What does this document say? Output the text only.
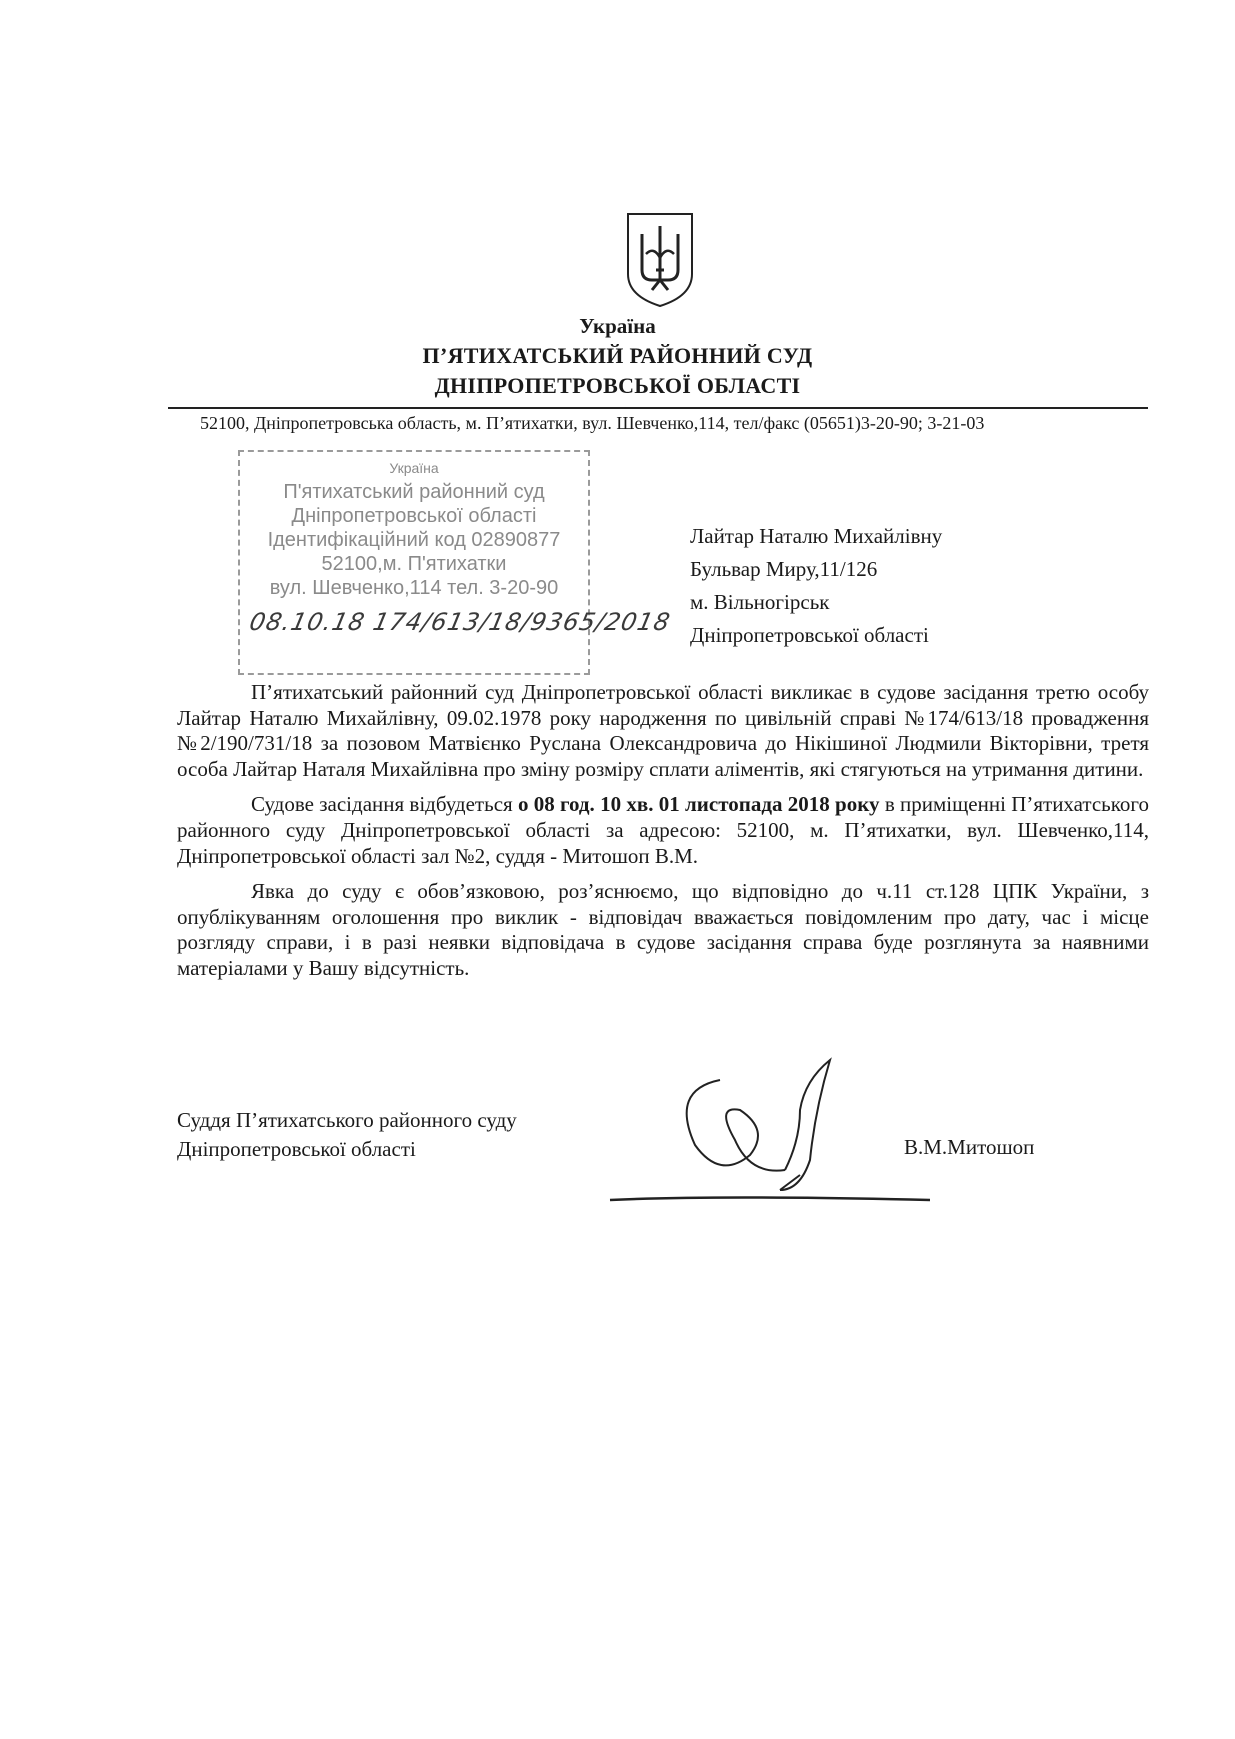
Україна
П’ЯТИХАТСЬКИЙ РАЙОННИЙ СУД
ДНІПРОПЕТРОВСЬКОЇ ОБЛАСТІ
52100, Дніпропетровська область, м. П’ятихатки, вул. Шевченко,114, тел/факс (05651)3-20-90; 3-21-03
Україна
П'ятихатський районний суд
Дніпропетровської області
Ідентифікаційний код 02890877
52100,м. П'ятихатки
вул. Шевченко,114 тел. 3-20-90
08.10.18 174/613/18/9365/2018
Лайтар Наталю Михайлівну
Бульвар Миру,11/126
м. Вільногірськ
Дніпропетровської області

П’ятихатський районний суд Дніпропетровської області викликає в судове засідання третю особу Лайтар Наталю Михайлівну, 09.02.1978 року народження по цивільній справі №174/613/18 провадження №2/190/731/18 за позовом Матвієнко Руслана Олександровича до Нікішиної Людмили Вікторівни, третя особа Лайтар Наталя Михайлівна про зміну розміру сплати аліментів, які стягуються на утримання дитини.

Судове засідання відбудеться о 08 год. 10 хв. 01 листопада 2018 року в приміщенні П’ятихатського районного суду Дніпропетровської області за адресою: 52100, м. П’ятихатки, вул. Шевченко,114, Дніпропетровської області зал №2, суддя - Митошоп В.М.

Явка до суду є обов’язковою, роз’яснюємо, що відповідно до ч.11 ст.128 ЦПК України, з опублікуванням оголошення про виклик - відповідач вважається повідомленим про дату, час і місце розгляду справи, і в разі неявки відповідача в судове засідання справа буде розглянута за наявними матеріалами у Вашу відсутність.

Суддя П’ятихатського районного суду
Дніпропетровської області	В.М.Митошоп
